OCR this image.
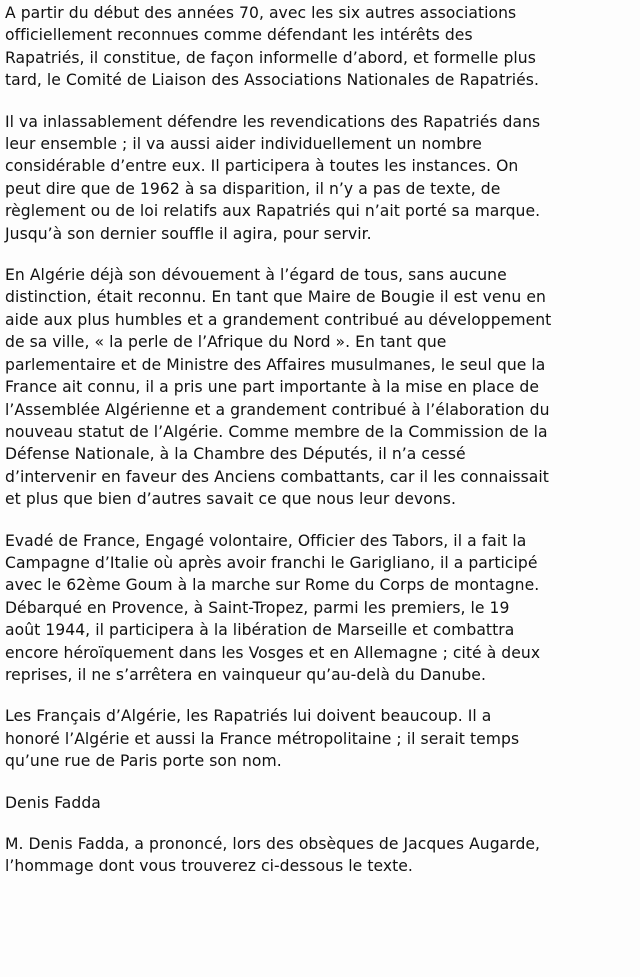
A partir du début des années 70, avec les six autres associations
officiellement reconnues comme défendant les intérêts des
Rapatriés, il constitue, de façon informelle d’abord, et formelle plus
tard, le Comité de Liaison des Associations Nationales de Rapatriés.
Il va inlassablement défendre les revendications des Rapatriés dans
leur ensemble ; il va aussi aider individuellement un nombre
considérable d’entre eux. Il participera à toutes les instances. On
peut dire que de 1962 à sa disparition, il n’y a pas de texte, de
règlement ou de loi relatifs aux Rapatriés qui n’ait porté sa marque.
Jusqu’à son dernier souffle il agira, pour servir.
En Algérie déjà son dévouement à l’égard de tous, sans aucune
distinction, était reconnu. En tant que Maire de Bougie il est venu en
aide aux plus humbles et a grandement contribué au développement
de sa ville, « la perle de l’Afrique du Nord ». En tant que
parlementaire et de Ministre des Affaires musulmanes, le seul que la
France ait connu, il a pris une part importante à la mise en place de
l’Assemblée Algérienne et a grandement contribué à l’élaboration du
nouveau statut de l’Algérie. Comme membre de la Commission de la
Défense Nationale, à la Chambre des Députés, il n’a cessé
d’intervenir en faveur des Anciens combattants, car il les connaissait
et plus que bien d’autres savait ce que nous leur devons.
Evadé de France, Engagé volontaire, Officier des Tabors, il a fait la
Campagne d’Italie où après avoir franchi le Garigliano, il a participé
avec le 62ème Goum à la marche sur Rome du Corps de montagne.
Débarqué en Provence, à Saint-Tropez, parmi les premiers, le 19
août 1944, il participera à la libération de Marseille et combattra
encore héroïquement dans les Vosges et en Allemagne ; cité à deux
reprises, il ne s’arrêtera en vainqueur qu’au-delà du Danube.
Les Français d’Algérie, les Rapatriés lui doivent beaucoup. Il a
honoré l’Algérie et aussi la France métropolitaine ; il serait temps
qu’une rue de Paris porte son nom.
Denis Fadda
M. Denis Fadda, a prononcé, lors des obsèques de Jacques Augarde,
l’hommage dont vous trouverez ci-dessous le texte.
